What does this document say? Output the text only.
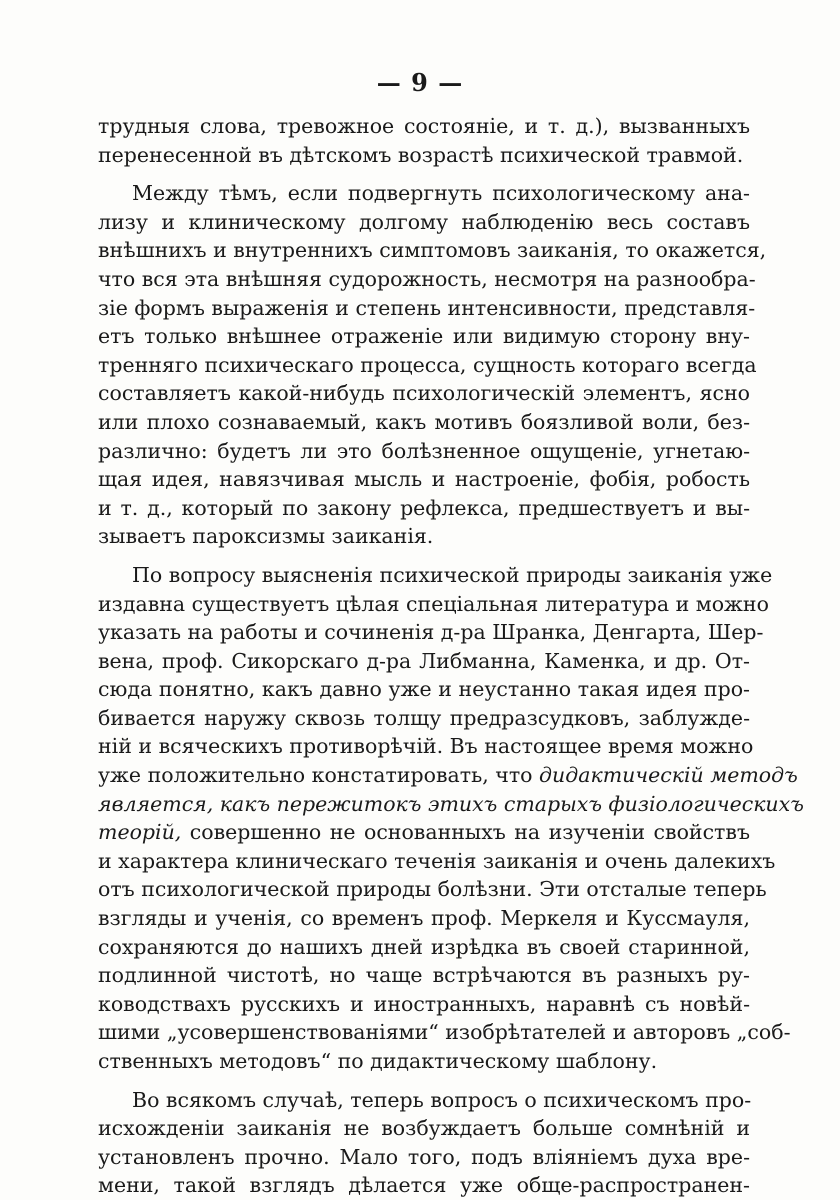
— 9 —
трудныя слова, тревожное состояніе, и т. д.), вызванныхъ
перенесенной въ дѣтскомъ возрастѣ психической травмой.
Между тѣмъ, если подвергнуть психологическому ана-
лизу и клиническому долгому наблюденію весь составъ
внѣшнихъ и внутреннихъ симптомовъ заиканія, то окажется,
что вся эта внѣшняя судорожность, несмотря на разнообра-
зіе формъ выраженія и степень интенсивности, представля-
етъ только внѣшнее отраженіе или видимую сторону вну-
тренняго психическаго процесса, сущность котораго всегда
составляетъ какой-нибудь психологическій элементъ, ясно
или плохо сознаваемый, какъ мотивъ боязливой воли, без-
различно: будетъ ли это болѣзненное ощущеніе, угнетаю-
щая идея, навязчивая мысль и настроеніе, фобія, робость
и т. д., который по закону рефлекса, предшествуетъ и вы-
зываетъ пароксизмы заиканія.
По вопросу выясненія психической природы заиканія уже
издавна существуетъ цѣлая спеціальная литература и можно
указать на работы и сочиненія д-ра Шранка, Денгарта, Шер-
вена, проф. Сикорскаго д-ра Либманна, Каменка, и др. От-
сюда понятно, какъ давно уже и неустанно такая идея про-
бивается наружу сквозь толщу предразсудковъ, заблужде-
ній и всяческихъ противорѣчій. Въ настоящее время можно
уже положительно констатировать, что дидактическій методъ
является, какъ пережитокъ этихъ старыхъ физіологическихъ
теорій, совершенно не основанныхъ на изученіи свойствъ
и характера клиническаго теченія заиканія и очень далекихъ
отъ психологической природы болѣзни. Эти отсталые теперь
взгляды и ученія, со временъ проф. Меркеля и Куссмауля,
сохраняются до нашихъ дней изрѣдка въ своей старинной,
подлинной чистотѣ, но чаще встрѣчаются въ разныхъ ру-
ководствахъ русскихъ и иностранныхъ, наравнѣ съ новѣй-
шими „усовершенствованіями“ изобрѣтателей и авторовъ „соб-
ственныхъ методовъ“ по дидактическому шаблону.
Во всякомъ случаѣ, теперь вопросъ о психическомъ про-
исхожденіи заиканія не возбуждаетъ больше сомнѣній и
установленъ прочно. Мало того, подъ вліяніемъ духа вре-
мени, такой взглядъ дѣлается уже обще-распространен-
